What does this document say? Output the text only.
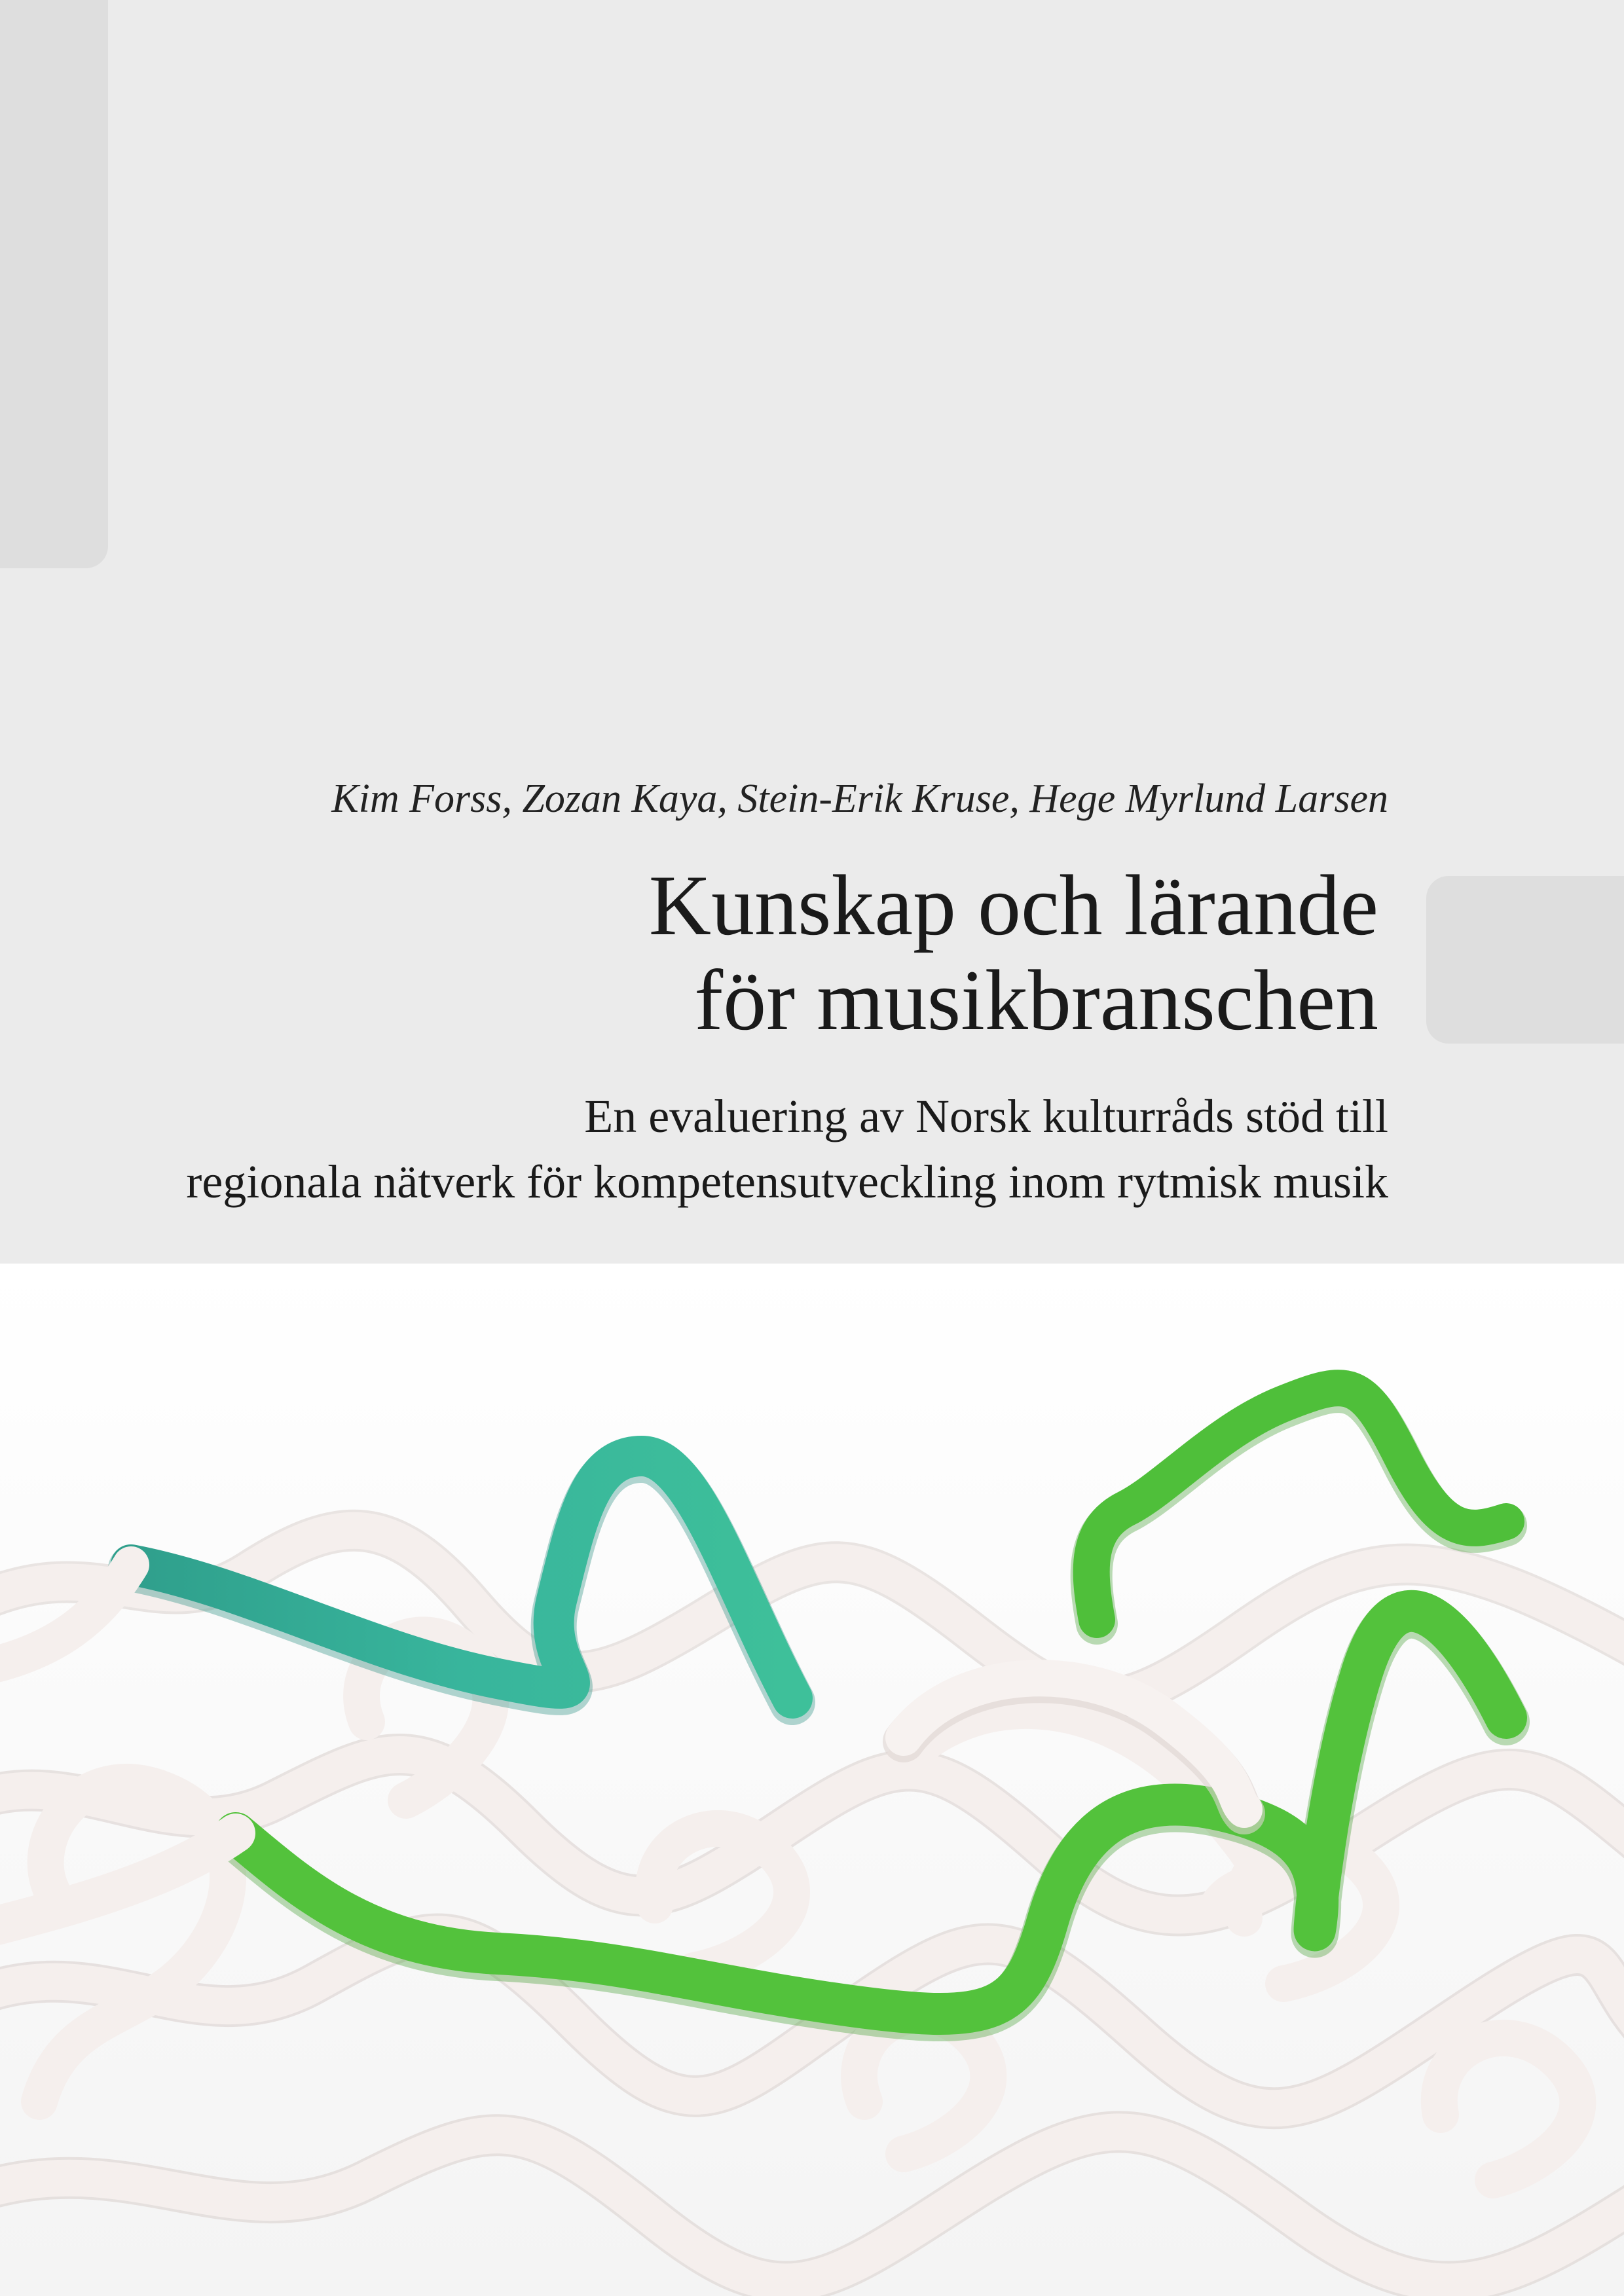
Kim Forss, Zozan Kaya, Stein-Erik Kruse, Hege Myrlund Larsen

Kunskap och lärande
för musikbranschen

En evaluering av Norsk kulturråds stöd till
regionala nätverk för kompetensutveckling inom rytmisk musik
